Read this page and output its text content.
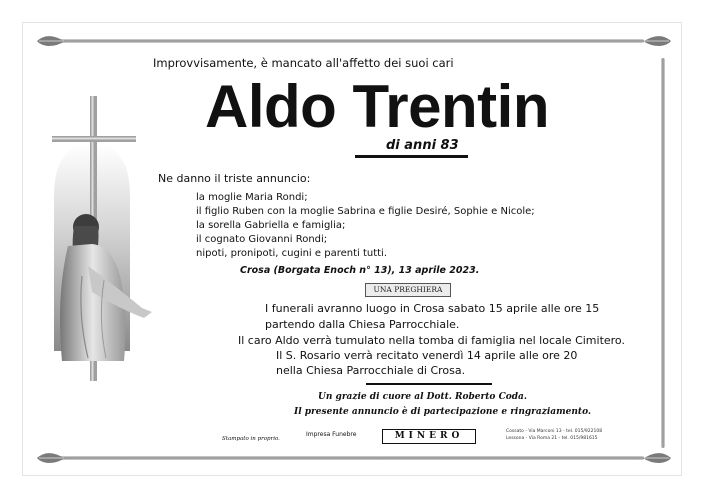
Improvvisamente, è mancato all'affetto dei suoi cari
Aldo Trentin
di anni 83
Ne danno il triste annuncio:
la moglie Maria Rondi;
il figlio Ruben con la moglie Sabrina e figlie Desiré, Sophie e Nicole;
la sorella Gabriella e famiglia;
il cognato Giovanni Rondi;
nipoti, pronipoti, cugini e parenti tutti.
Crosa (Borgata Enoch n° 13), 13 aprile 2023.
UNA PREGHIERA
I funerali avranno luogo in Crosa sabato 15 aprile alle ore 15
partendo dalla Chiesa Parrocchiale.
Il caro Aldo verrà tumulato nella tomba di famiglia nel locale Cimitero.
Il S. Rosario verrà recitato venerdì 14 aprile alle ore 20
nella Chiesa Parrocchiale di Crosa.
Un grazie di cuore al Dott. Roberto Coda.
Il presente annuncio è di partecipazione e ringraziamento.
Stampato in proprio.
Impresa Funebre	MINERO	Cossato - Via Marconi 13 - tel. 015/922108
Lessona - Via Roma 21 - tel. 015/981615
